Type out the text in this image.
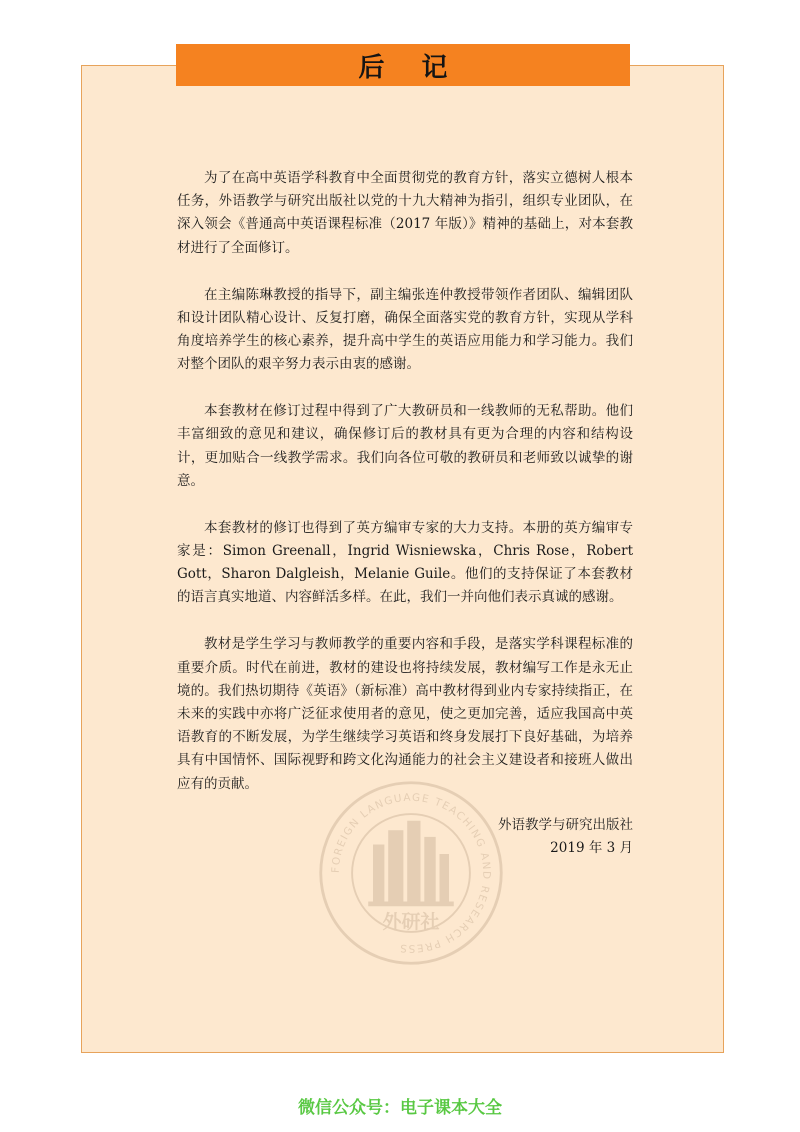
后 记

为了在高中英语学科教育中全面贯彻党的教育方针，落实立德树人根本任务，外语教学与研究出版社以党的十九大精神为指引，组织专业团队，在深入领会《普通高中英语课程标准（2017 年版）》精神的基础上，对本套教材进行了全面修订。

在主编陈琳教授的指导下，副主编张连仲教授带领作者团队、编辑团队和设计团队精心设计、反复打磨，确保全面落实党的教育方针，实现从学科角度培养学生的核心素养，提升高中学生的英语应用能力和学习能力。我们对整个团队的艰辛努力表示由衷的感谢。

本套教材在修订过程中得到了广大教研员和一线教师的无私帮助。他们丰富细致的意见和建议，确保修订后的教材具有更为合理的内容和结构设计，更加贴合一线教学需求。我们向各位可敬的教研员和老师致以诚挚的谢意。

本套教材的修订也得到了英方编审专家的大力支持。本册的英方编审专家是：Simon Greenall，Ingrid Wisniewska，Chris Rose，Robert Gott，Sharon Dalgleish，Melanie Guile。他们的支持保证了本套教材的语言真实地道、内容鲜活多样。在此，我们一并向他们表示真诚的感谢。

教材是学生学习与教师教学的重要内容和手段，是落实学科课程标准的重要介质。时代在前进，教材的建设也将持续发展，教材编写工作是永无止境的。我们热切期待《英语》（新标准）高中教材得到业内专家持续指正，在未来的实践中亦将广泛征求使用者的意见，使之更加完善，适应我国高中英语教育的不断发展，为学生继续学习英语和终身发展打下良好基础，为培养具有中国情怀、国际视野和跨文化沟通能力的社会主义建设者和接班人做出应有的贡献。

FOREIGN LANGUAGE TEACHING AND RESEARCH PRESS
外研社
外语教学与研究出版社
2019 年 3 月
微信公众号：电子课本大全
